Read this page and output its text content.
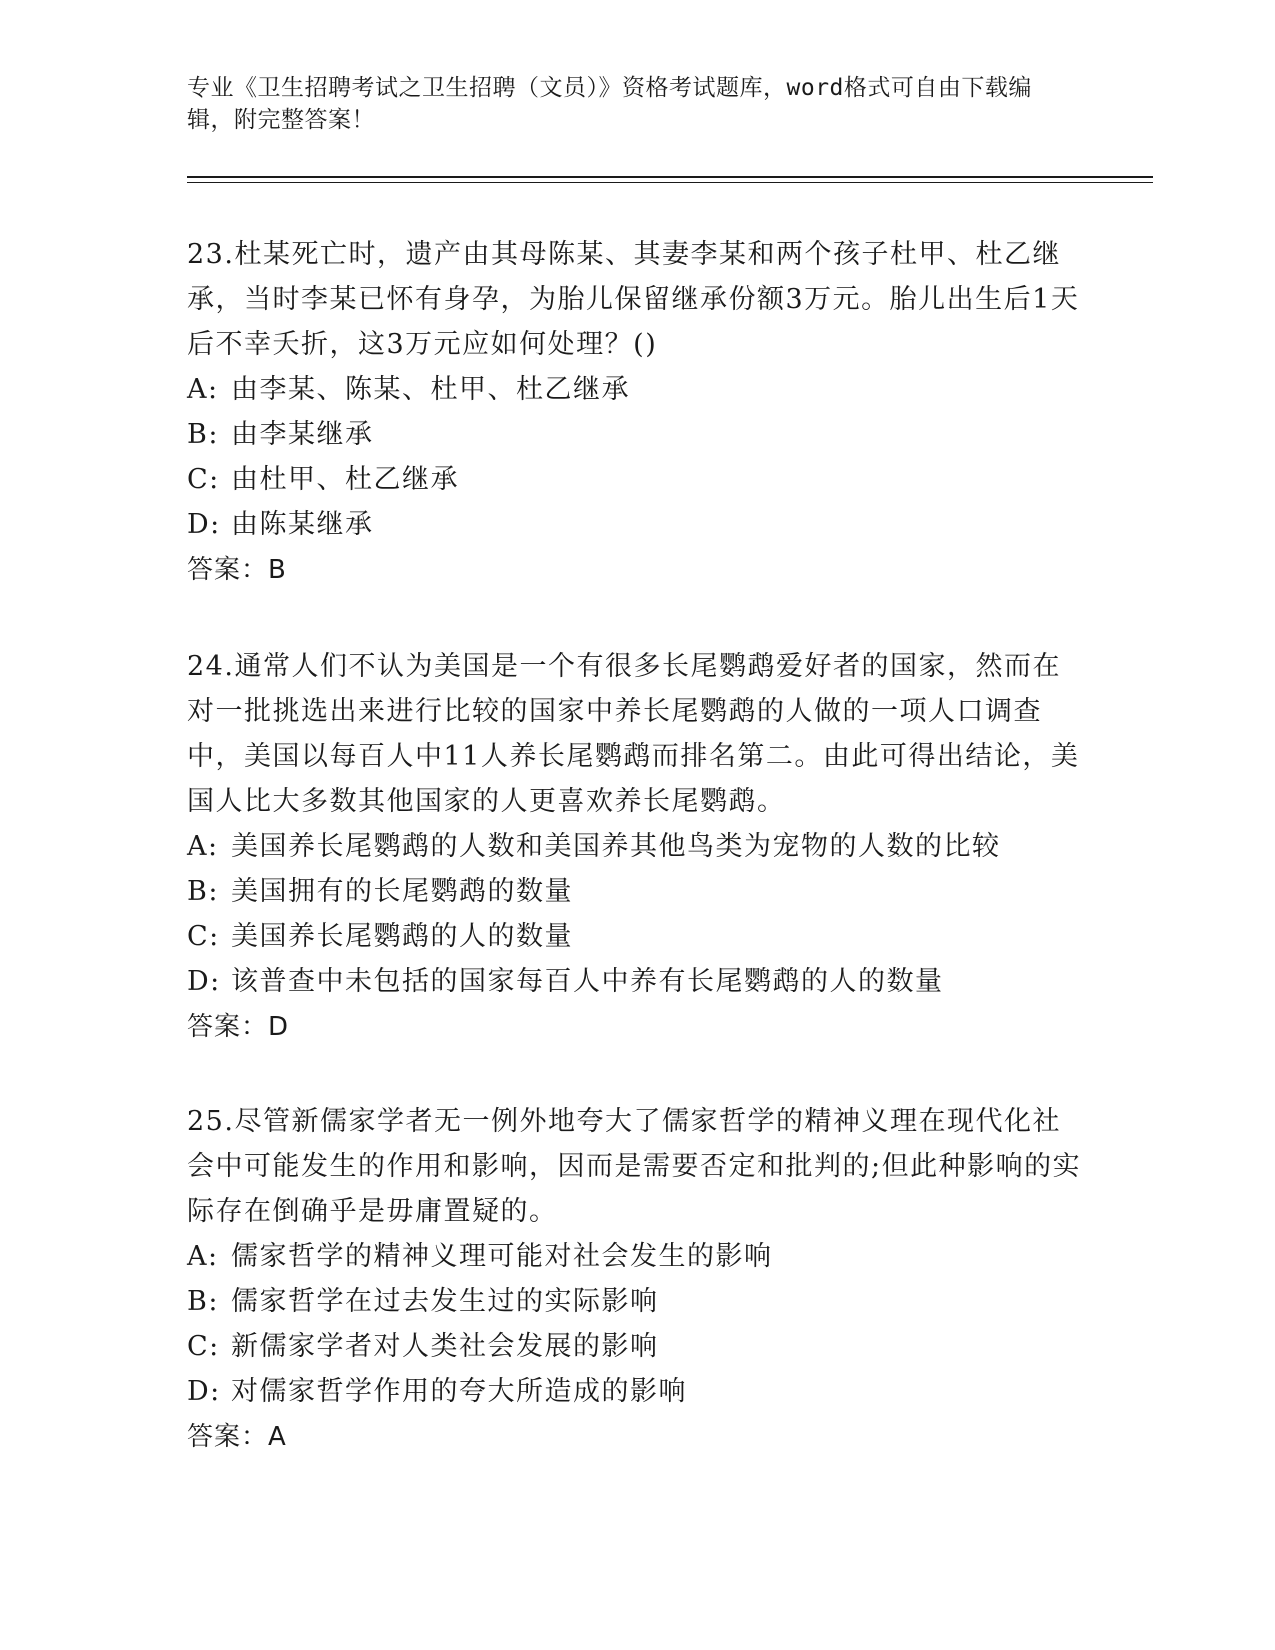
专业《卫生招聘考试之卫生招聘（文员）》资格考试题库，word格式可自由下载编辑，附完整答案！

23.杜某死亡时，遗产由其母陈某、其妻李某和两个孩子杜甲、杜乙继承，当时李某已怀有身孕，为胎儿保留继承份额3万元。胎儿出生后1天后不幸夭折，这3万元应如何处理？()

A: 由李某、陈某、杜甲、杜乙继承

B: 由李某继承

C: 由杜甲、杜乙继承

D: 由陈某继承

答案：B

24.通常人们不认为美国是一个有很多长尾鹦鹉爱好者的国家，然而在对一批挑选出来进行比较的国家中养长尾鹦鹉的人做的一项人口调查中，美国以每百人中11人养长尾鹦鹉而排名第二。由此可得出结论，美国人比大多数其他国家的人更喜欢养长尾鹦鹉。

A: 美国养长尾鹦鹉的人数和美国养其他鸟类为宠物的人数的比较

B: 美国拥有的长尾鹦鹉的数量

C: 美国养长尾鹦鹉的人的数量

D: 该普查中未包括的国家每百人中养有长尾鹦鹉的人的数量

答案：D

25.尽管新儒家学者无一例外地夸大了儒家哲学的精神义理在现代化社会中可能发生的作用和影响，因而是需要否定和批判的;但此种影响的实际存在倒确乎是毋庸置疑的。

A: 儒家哲学的精神义理可能对社会发生的影响

B: 儒家哲学在过去发生过的实际影响

C: 新儒家学者对人类社会发展的影响

D: 对儒家哲学作用的夸大所造成的影响

答案：A
